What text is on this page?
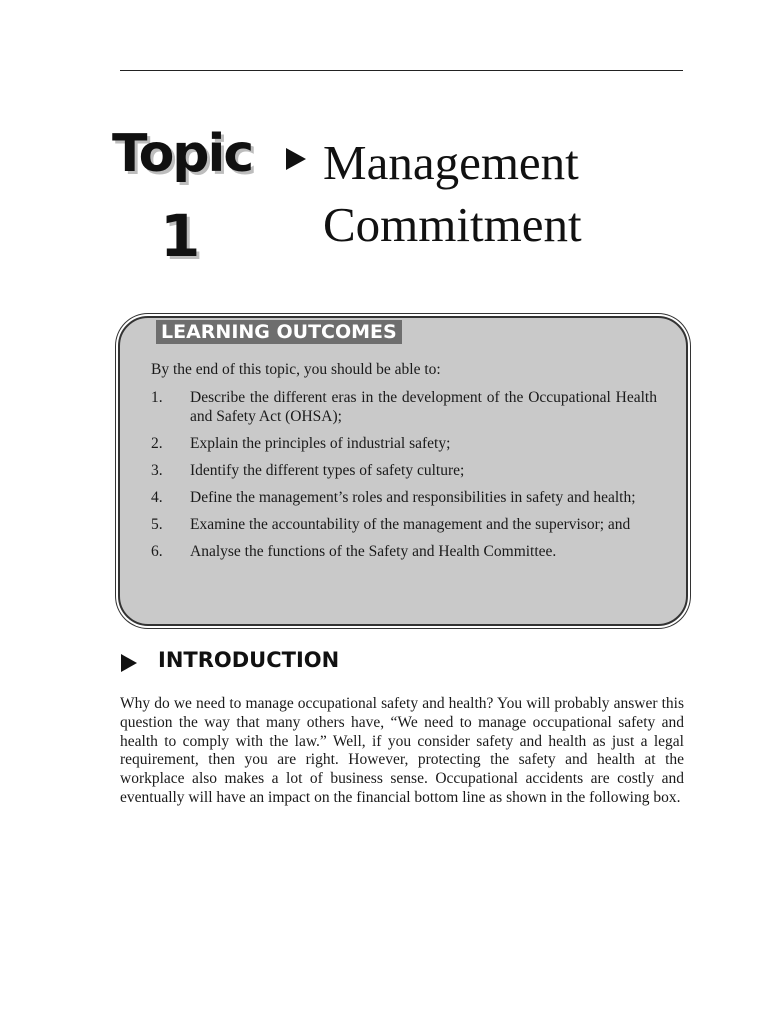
Topic
1
Management
Commitment
LEARNING OUTCOMES
By the end of this topic, you should be able to:
1.	Describe the different eras in the development of the Occupational Health and Safety Act (OHSA);
2.	Explain the principles of industrial safety;
3.	Identify the different types of safety culture;
4.	Define the management’s roles and responsibilities in safety and health;
5.	Examine the accountability of the management and the supervisor; and
6.	Analyse the functions of the Safety and Health Committee.
INTRODUCTION

Why do we need to manage occupational safety and health? You will probably answer this question the way that many others have, “We need to manage occupational safety and health to comply with the law.” Well, if you consider safety and health as just a legal requirement, then you are right. However, protecting the safety and health at the workplace also makes a lot of business sense. Occupational accidents are costly and eventually will have an impact on the financial bottom line as shown in the following box.
